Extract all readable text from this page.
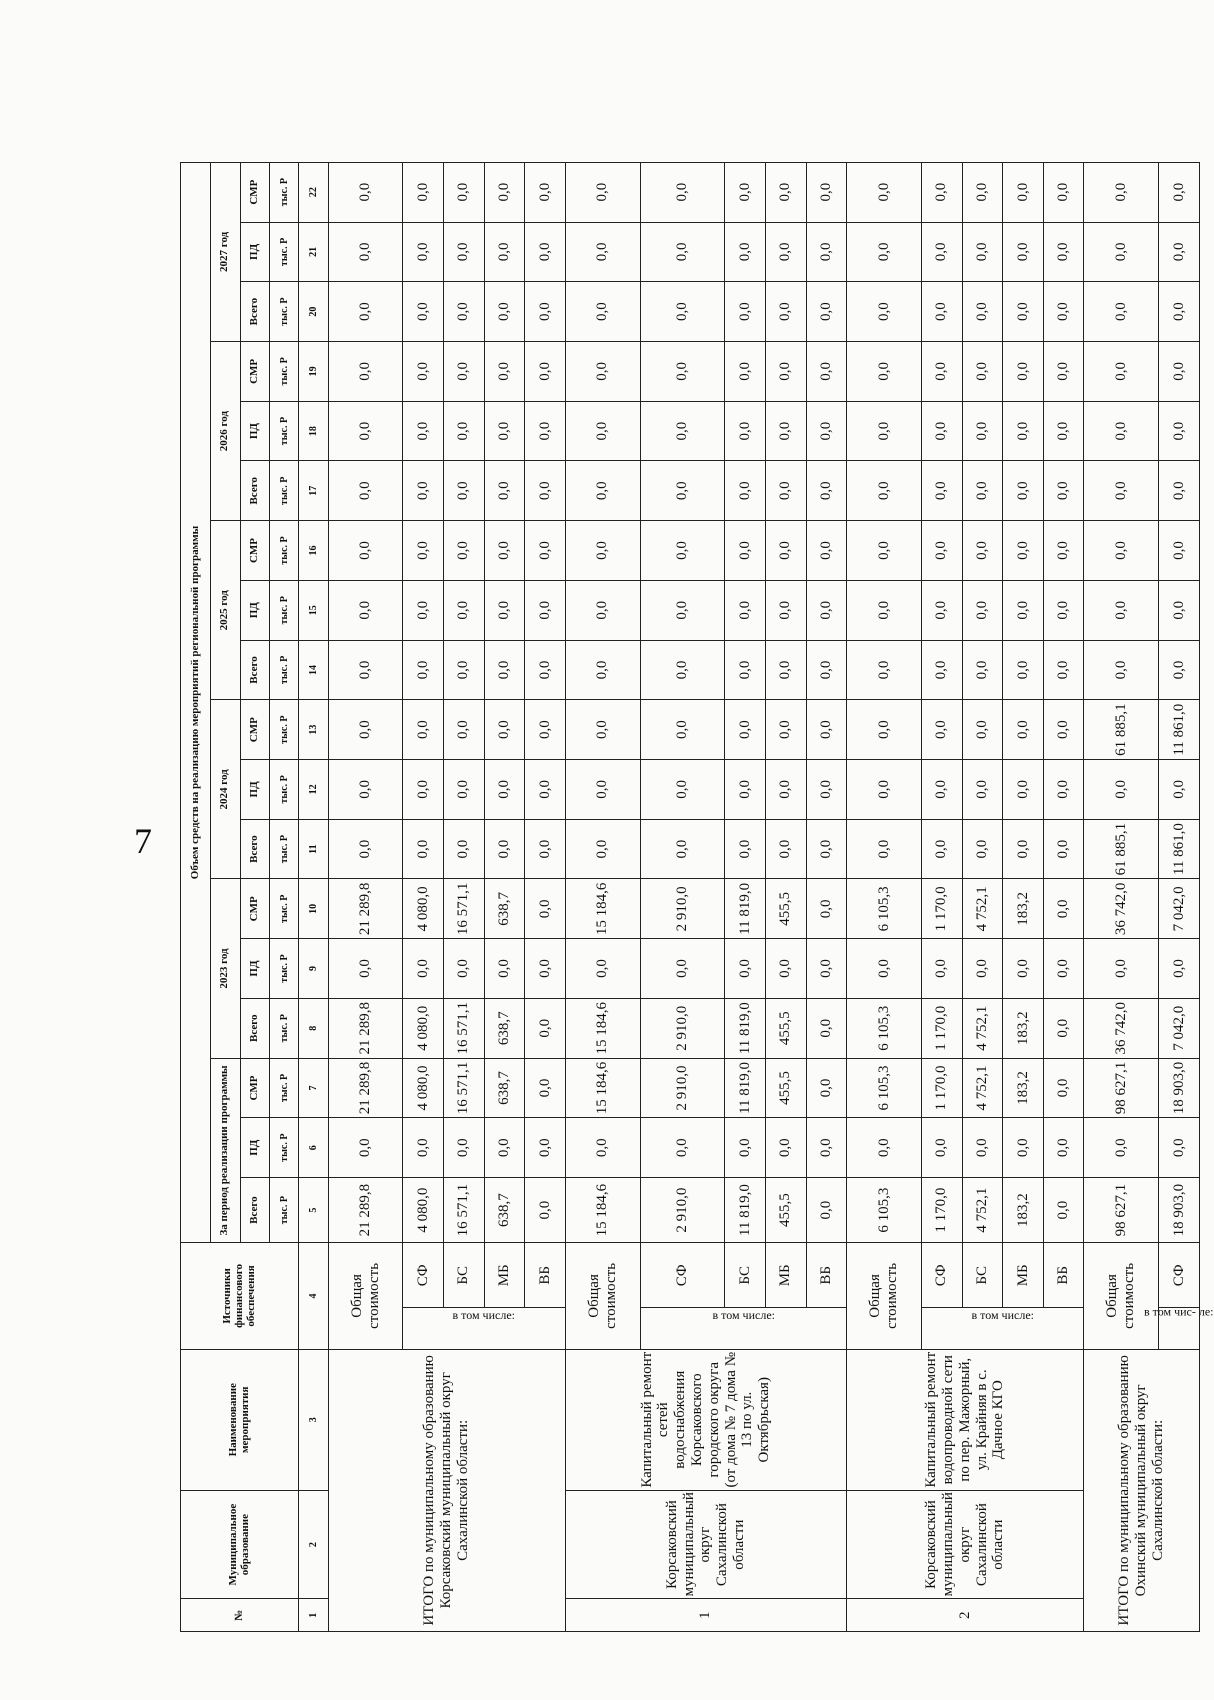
7
№	Муниципальное образование	Наименование мероприятия	Источники финансового обеспечения		Объем средств на реализацию мероприятий региональной программы																	
					За период реализации программы			2023 год			2024 год			2025 год			2026 год			2027 год		
					Всего	ПД	СМР	Всего	ПД	СМР	Всего	ПД	СМР	Всего	ПД	СМР	Всего	ПД	СМР	Всего	ПД	СМР
					тыс. Р	тыс. Р	тыс. Р	тыс. Р	тыс. Р	тыс. Р	тыс. Р	тыс. Р	тыс. Р	тыс. Р	тыс. Р	тыс. Р	тыс. Р	тыс. Р	тыс. Р	тыс. Р	тыс. Р	тыс. Р
1	2	3	4		5	6	7	8	9	10	11	12	13	14	15	16	17	18	19	20	21	22
ИТОГО по муниципальному образованию Корсаковский муниципальный округ Сахалинской области:			Общая стоимость		21 289,8	0,0	21 289,8	21 289,8	0,0	21 289,8	0,0	0,0	0,0	0,0	0,0	0,0	0,0	0,0	0,0	0,0	0,0	0,0
			в том числе:	СФ	4 080,0	0,0	4 080,0	4 080,0	0,0	4 080,0	0,0	0,0	0,0	0,0	0,0	0,0	0,0	0,0	0,0	0,0	0,0	0,0
				БС	16 571,1	0,0	16 571,1	16 571,1	0,0	16 571,1	0,0	0,0	0,0	0,0	0,0	0,0	0,0	0,0	0,0	0,0	0,0	0,0
				МБ	638,7	0,0	638,7	638,7	0,0	638,7	0,0	0,0	0,0	0,0	0,0	0,0	0,0	0,0	0,0	0,0	0,0	0,0
				ВБ	0,0	0,0	0,0	0,0	0,0	0,0	0,0	0,0	0,0	0,0	0,0	0,0	0,0	0,0	0,0	0,0	0,0	0,0
1	Корсаковский муниципальный округ Сахалинской области	Капитальный ремонт сетей водоснабжения Корсаковского городского округа (от дома № 7 дома № 13 по ул. Октябрьская)	Общая стоимость		15 184,6	0,0	15 184,6	15 184,6	0,0	15 184,6	0,0	0,0	0,0	0,0	0,0	0,0	0,0	0,0	0,0	0,0	0,0	0,0
			в том числе:	СФ	2 910,0	0,0	2 910,0	2 910,0	0,0	2 910,0	0,0	0,0	0,0	0,0	0,0	0,0	0,0	0,0	0,0	0,0	0,0	0,0
				БС	11 819,0	0,0	11 819,0	11 819,0	0,0	11 819,0	0,0	0,0	0,0	0,0	0,0	0,0	0,0	0,0	0,0	0,0	0,0	0,0
				МБ	455,5	0,0	455,5	455,5	0,0	455,5	0,0	0,0	0,0	0,0	0,0	0,0	0,0	0,0	0,0	0,0	0,0	0,0
				ВБ	0,0	0,0	0,0	0,0	0,0	0,0	0,0	0,0	0,0	0,0	0,0	0,0	0,0	0,0	0,0	0,0	0,0	0,0
2	Корсаковский муниципальный округ Сахалинской области	Капитальный ремонт водопроводной сети по пер. Мажорный, ул. Крайняя в с. Дачное КГО	Общая стоимость		6 105,3	0,0	6 105,3	6 105,3	0,0	6 105,3	0,0	0,0	0,0	0,0	0,0	0,0	0,0	0,0	0,0	0,0	0,0	0,0
			в том числе:	СФ	1 170,0	0,0	1 170,0	1 170,0	0,0	1 170,0	0,0	0,0	0,0	0,0	0,0	0,0	0,0	0,0	0,0	0,0	0,0	0,0
				БС	4 752,1	0,0	4 752,1	4 752,1	0,0	4 752,1	0,0	0,0	0,0	0,0	0,0	0,0	0,0	0,0	0,0	0,0	0,0	0,0
				МБ	183,2	0,0	183,2	183,2	0,0	183,2	0,0	0,0	0,0	0,0	0,0	0,0	0,0	0,0	0,0	0,0	0,0	0,0
				ВБ	0,0	0,0	0,0	0,0	0,0	0,0	0,0	0,0	0,0	0,0	0,0	0,0	0,0	0,0	0,0	0,0	0,0	0,0
ИТОГО по муниципальному образованию Охинский муниципальный округ Сахалинской области:			Общая стоимость		98 627,1	0,0	98 627,1	36 742,0	0,0	36 742,0	61 885,1	0,0	61 885,1	0,0	0,0	0,0	0,0	0,0	0,0	0,0	0,0	0,0
			в том чис- ле:	СФ	18 903,0	0,0	18 903,0	7 042,0	0,0	7 042,0	11 861,0	0,0	11 861,0	0,0	0,0	0,0	0,0	0,0	0,0	0,0	0,0	0,0
